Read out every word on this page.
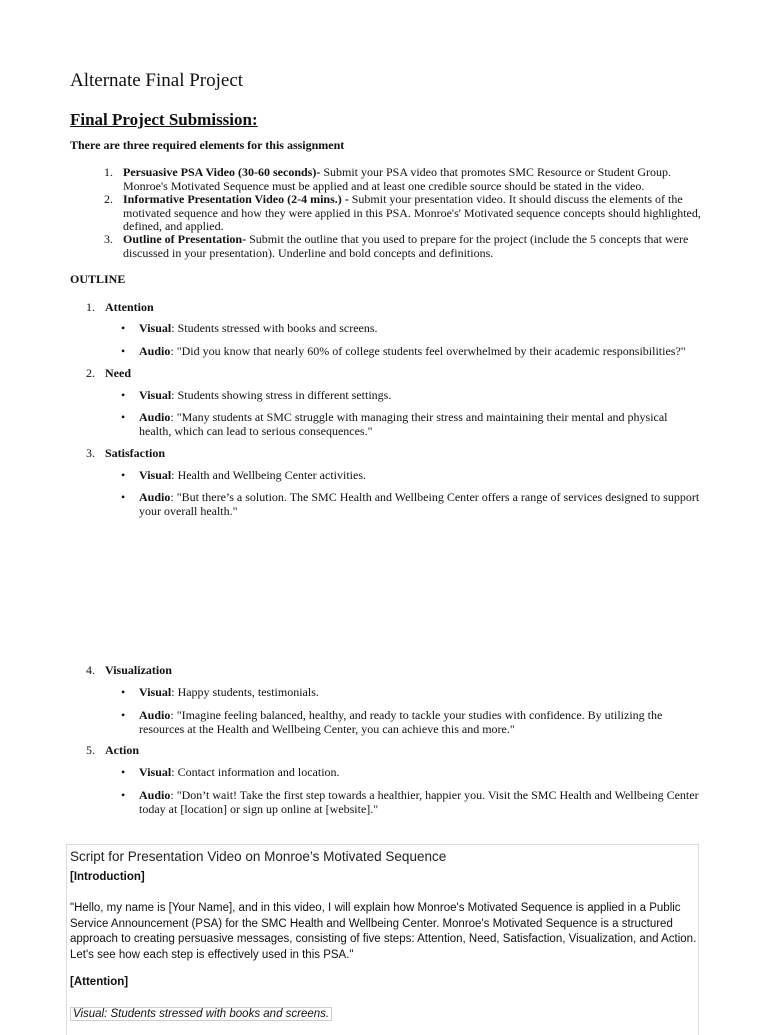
Alternate Final Project
Final Project Submission:
There are three required elements for this assignment
1. Persuasive PSA Video (30-60 seconds)- Submit your PSA video that promotes SMC Resource or Student Group. Monroe's Motivated Sequence must be applied and at least one credible source should be stated in the video.
2. Informative Presentation Video (2-4 mins.) - Submit your presentation video. It should discuss the elements of the motivated sequence and how they were applied in this PSA. Monroe's' Motivated sequence concepts should highlighted, defined, and applied.
3. Outline of Presentation- Submit the outline that you used to prepare for the project (include the 5 concepts that were discussed in your presentation). Underline and bold concepts and definitions.
OUTLINE
1. Attention
•	Visual: Students stressed with books and screens.
•	Audio: "Did you know that nearly 60% of college students feel overwhelmed by their academic responsibilities?"
2. Need
•	Visual: Students showing stress in different settings.
•	Audio: "Many students at SMC struggle with managing their stress and maintaining their mental and physical health, which can lead to serious consequences."
3. Satisfaction
•	Visual: Health and Wellbeing Center activities.
•	Audio: "But there’s a solution. The SMC Health and Wellbeing Center offers a range of services designed to support your overall health."
4. Visualization
•	Visual: Happy students, testimonials.
•	Audio: "Imagine feeling balanced, healthy, and ready to tackle your studies with confidence. By utilizing the resources at the Health and Wellbeing Center, you can achieve this and more."
5. Action
•	Visual: Contact information and location.
•	Audio: "Don’t wait! Take the first step towards a healthier, happier you. Visit the SMC Health and Wellbeing Center today at [location] or sign up online at [website]."
Script for Presentation Video on Monroe’s Motivated Sequence
[Introduction]
"Hello, my name is [Your Name], and in this video, I will explain how Monroe's Motivated Sequence is applied in a Public Service Announcement (PSA) for the SMC Health and Wellbeing Center. Monroe's Motivated Sequence is a structured approach to creating persuasive messages, consisting of five steps: Attention, Need, Satisfaction, Visualization, and Action. Let's see how each step is effectively used in this PSA."
[Attention]
Visual: Students stressed with books and screens.
